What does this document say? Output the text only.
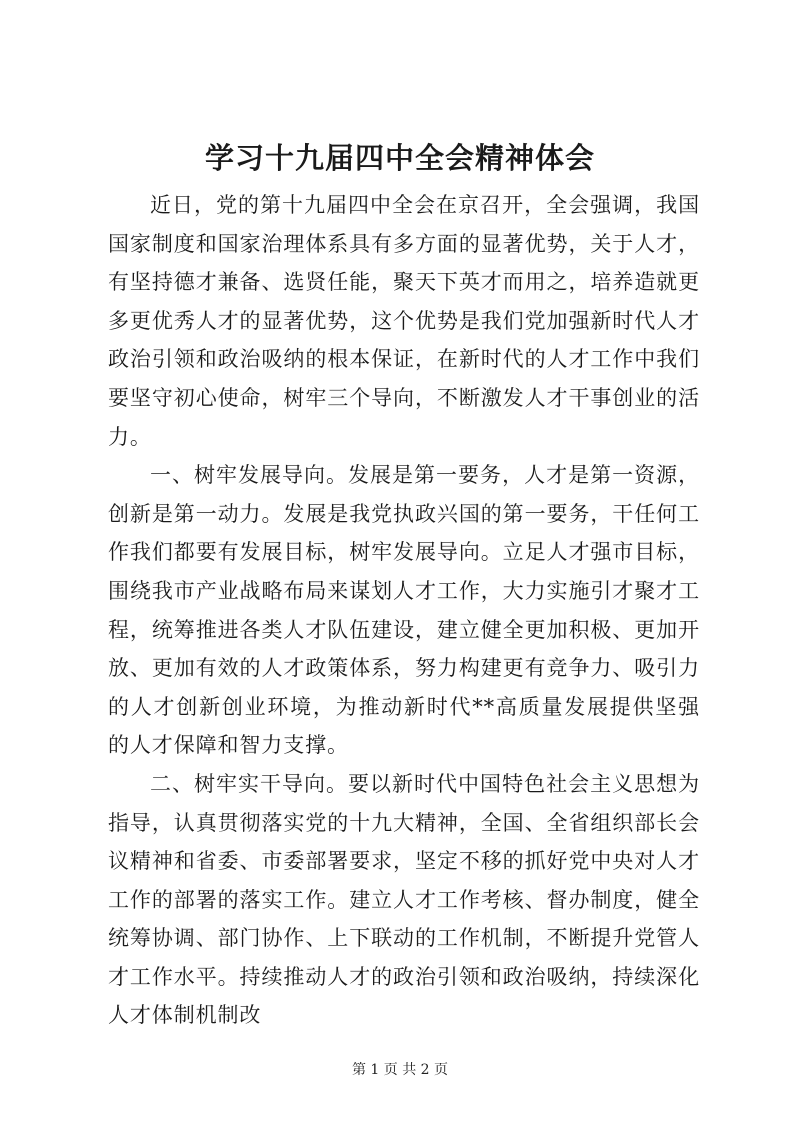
学习十九届四中全会精神体会

近日，党的第十九届四中全会在京召开，全会强调，我国国家制度和国家治理体系具有多方面的显著优势，关于人才，有坚持德才兼备、选贤任能，聚天下英才而用之，培养造就更多更优秀人才的显著优势，这个优势是我们党加强新时代人才政治引领和政治吸纳的根本保证，在新时代的人才工作中我们要坚守初心使命，树牢三个导向，不断激发人才干事创业的活力。

一、树牢发展导向。发展是第一要务，人才是第一资源，创新是第一动力。发展是我党执政兴国的第一要务，干任何工作我们都要有发展目标，树牢发展导向。立足人才强市目标，围绕我市产业战略布局来谋划人才工作，大力实施引才聚才工程，统筹推进各类人才队伍建设，建立健全更加积极、更加开放、更加有效的人才政策体系，努力构建更有竞争力、吸引力的人才创新创业环境，为推动新时代**高质量发展提供坚强的人才保障和智力支撑。

二、树牢实干导向。要以新时代中国特色社会主义思想为指导，认真贯彻落实党的十九大精神，全国、全省组织部长会议精神和省委、市委部署要求，坚定不移的抓好党中央对人才工作的部署的落实工作。建立人才工作考核、督办制度，健全统筹协调、部门协作、上下联动的工作机制，不断提升党管人才工作水平。持续推动人才的政治引领和政治吸纳，持续深化人才体制机制改

第 1 页 共 2 页
